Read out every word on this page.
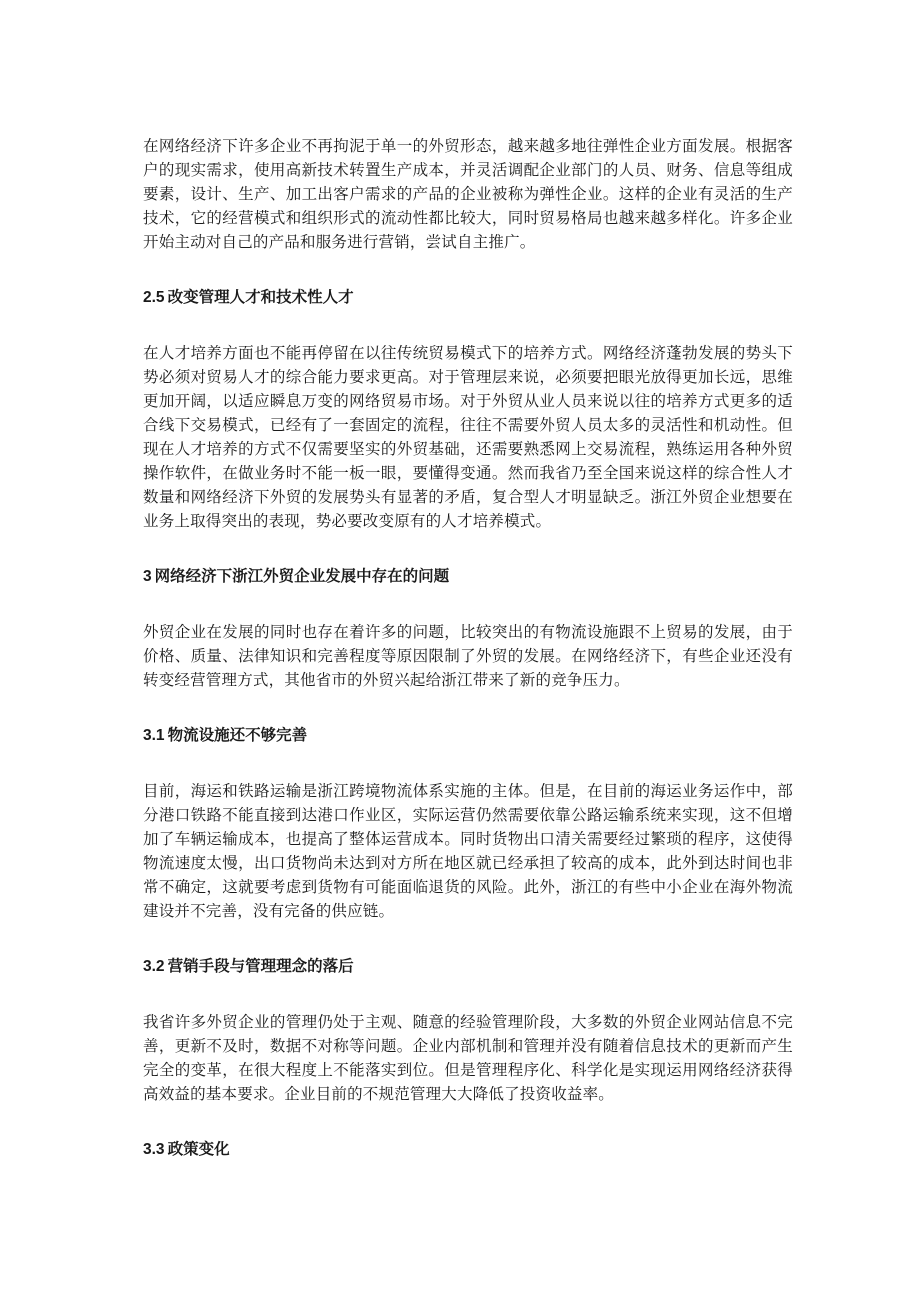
在网络经济下许多企业不再拘泥于单一的外贸形态，越来越多地往弹性企业方面发展。根据客户的现实需求，使用高新技术转置生产成本，并灵活调配企业部门的人员、财务、信息等组成要素，设计、生产、加工出客户需求的产品的企业被称为弹性企业。这样的企业有灵活的生产技术，它的经营模式和组织形式的流动性都比较大，同时贸易格局也越来越多样化。许多企业开始主动对自己的产品和服务进行营销，尝试自主推广。

2.5 改变管理人才和技术性人才

在人才培养方面也不能再停留在以往传统贸易模式下的培养方式。网络经济蓬勃发展的势头下势必须对贸易人才的综合能力要求更高。对于管理层来说，必须要把眼光放得更加长远，思维更加开阔，以适应瞬息万变的网络贸易市场。对于外贸从业人员来说以往的培养方式更多的适合线下交易模式，已经有了一套固定的流程，往往不需要外贸人员太多的灵活性和机动性。但现在人才培养的方式不仅需要坚实的外贸基础，还需要熟悉网上交易流程，熟练运用各种外贸操作软件，在做业务时不能一板一眼，要懂得变通。然而我省乃至全国来说这样的综合性人才数量和网络经济下外贸的发展势头有显著的矛盾，复合型人才明显缺乏。浙江外贸企业想要在业务上取得突出的表现，势必要改变原有的人才培养模式。

3 网络经济下浙江外贸企业发展中存在的问题

外贸企业在发展的同时也存在着许多的问题，比较突出的有物流设施跟不上贸易的发展，由于价格、质量、法律知识和完善程度等原因限制了外贸的发展。在网络经济下，有些企业还没有转变经营管理方式，其他省市的外贸兴起给浙江带来了新的竞争压力。

3.1 物流设施还不够完善

目前，海运和铁路运输是浙江跨境物流体系实施的主体。但是，在目前的海运业务运作中，部分港口铁路不能直接到达港口作业区，实际运营仍然需要依靠公路运输系统来实现，这不但增加了车辆运输成本，也提高了整体运营成本。同时货物出口清关需要经过繁琐的程序，这使得物流速度太慢，出口货物尚未达到对方所在地区就已经承担了较高的成本，此外到达时间也非常不确定，这就要考虑到货物有可能面临退货的风险。此外，浙江的有些中小企业在海外物流建设并不完善，没有完备的供应链。

3.2 营销手段与管理理念的落后

我省许多外贸企业的管理仍处于主观、随意的经验管理阶段，大多数的外贸企业网站信息不完善，更新不及时，数据不对称等问题。企业内部机制和管理并没有随着信息技术的更新而产生完全的变革，在很大程度上不能落实到位。但是管理程序化、科学化是实现运用网络经济获得高效益的基本要求。企业目前的不规范管理大大降低了投资收益率。

3.3 政策变化
